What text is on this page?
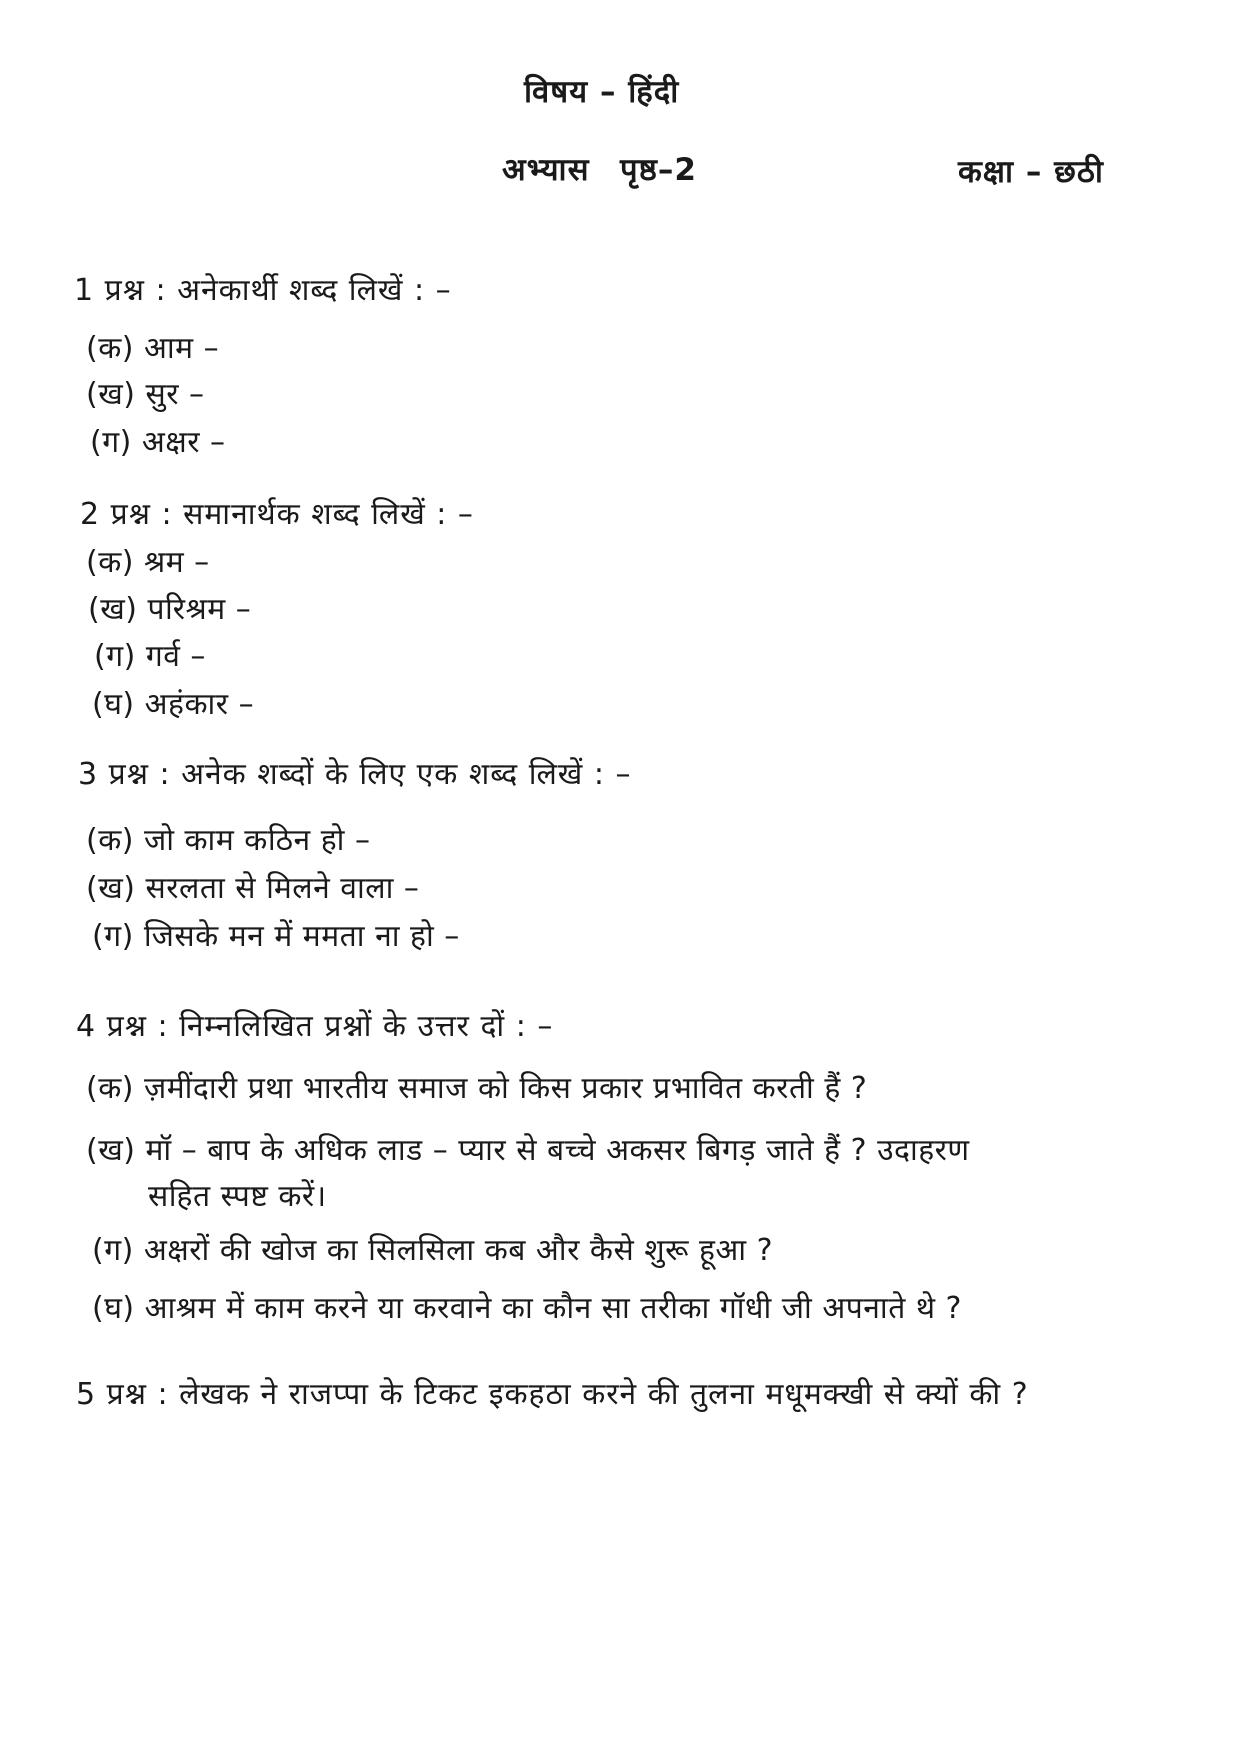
विषय – हिंदी
अभ्यास पृष्ठ–2	कक्षा – छठी
1 प्रश्न : अनेकार्थी शब्द लिखें : –
(क) आम –
(ख) सुर –
(ग) अक्षर –
2 प्रश्न : समानार्थक शब्द लिखें : –
(क) श्रम –
(ख) परिश्रम –
(ग) गर्व –
(घ) अहंकार –
3 प्रश्न : अनेक शब्दों के लिए एक शब्द लिखें : –
(क) जो काम कठिन हो –
(ख) सरलता से मिलने वाला –
(ग) जिसके मन में ममता ना हो –
4 प्रश्न : निम्नलिखित प्रश्नों के उत्तर दों : –
(क) ज़मींदारी प्रथा भारतीय समाज को किस प्रकार प्रभावित करती हैं ?
(ख) मॉ – बाप के अधिक लाड – प्यार से बच्चे अकसर बिगड़ जाते हैं ? उदाहरण
सहित स्पष्ट करें।
(ग) अक्षरों की खोज का सिलसिला कब और कैसे शुरू हूआ ?
(घ) आश्रम में काम करने या करवाने का कौन सा तरीका गॉधी जी अपनाते थे ?
5 प्रश्न : लेखक ने राजप्पा के टिकट इकहठा करने की तुलना मधूमक्खी से क्यों की ?
